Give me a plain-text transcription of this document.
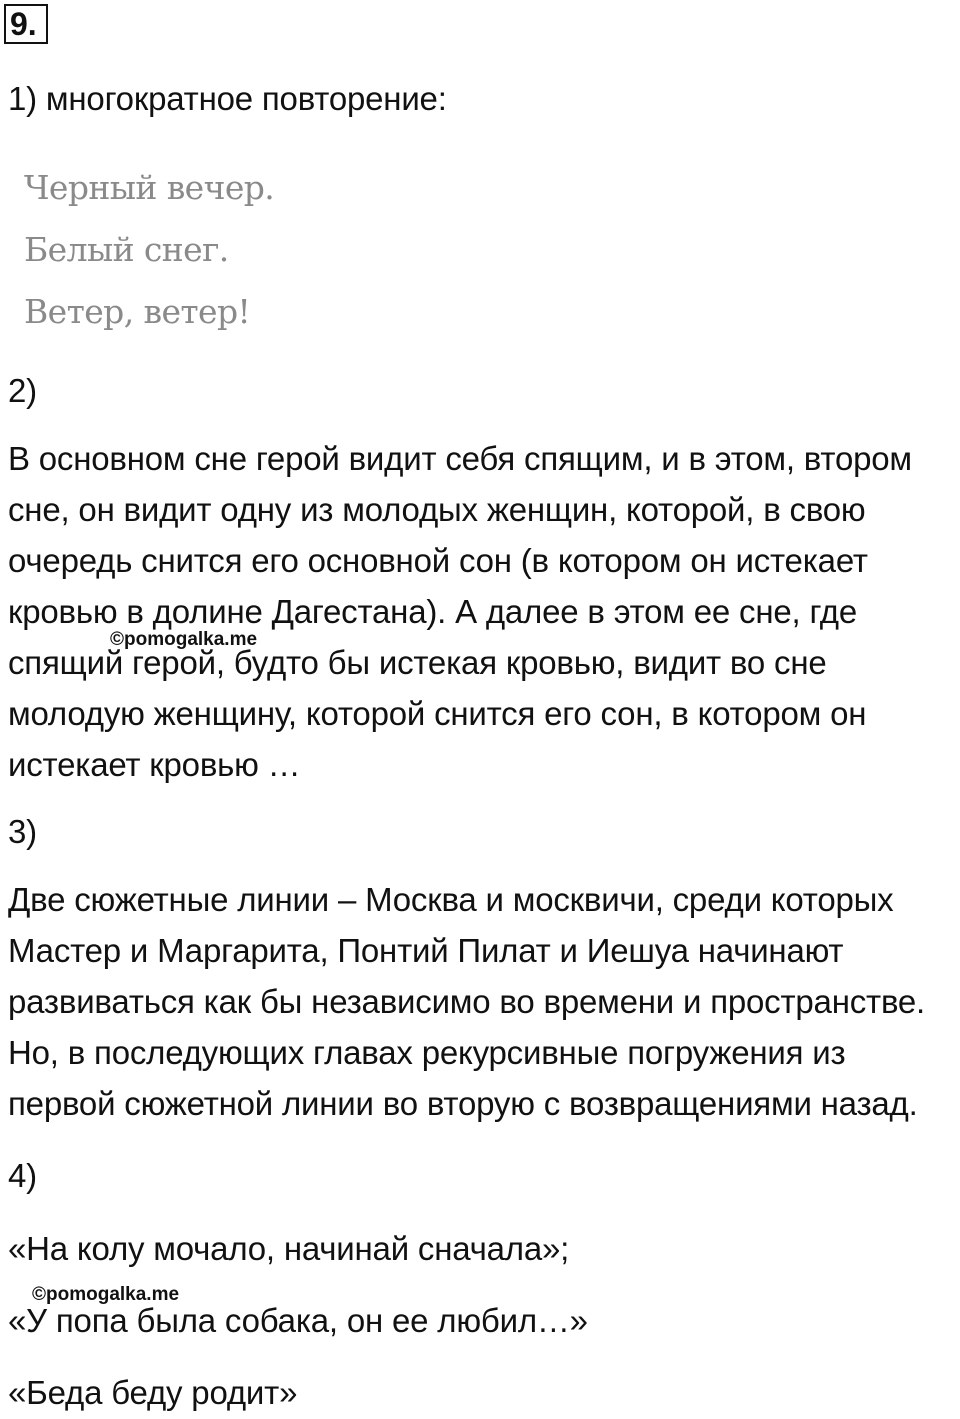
9.
1) многократное повторение:
Черный вечер.
Белый снег.
Ветер, ветер!
2)
В основном сне герой видит себя спящим, и в этом, втором
сне, он видит одну из молодых женщин, которой, в свою
очередь снится его основной сон (в котором он истекает
кровью в долине Дагестана). А далее в этом ее сне, где
©pomogalka.me
спящий герой, будто бы истекая кровью, видит во сне
молодую женщину, которой снится его сон, в котором он
истекает кровью …
3)
Две сюжетные линии – Москва и москвичи, среди которых
Мастер и Маргарита, Понтий Пилат и Иешуа начинают
развиваться как бы независимо во времени и пространстве.
Но, в последующих главах рекурсивные погружения из
первой сюжетной линии во вторую с возвращениями назад.
4)
«На колу мочало, начинай сначала»;
©pomogalka.me
«У попа была собака, он ее любил…»
«Беда беду родит»
